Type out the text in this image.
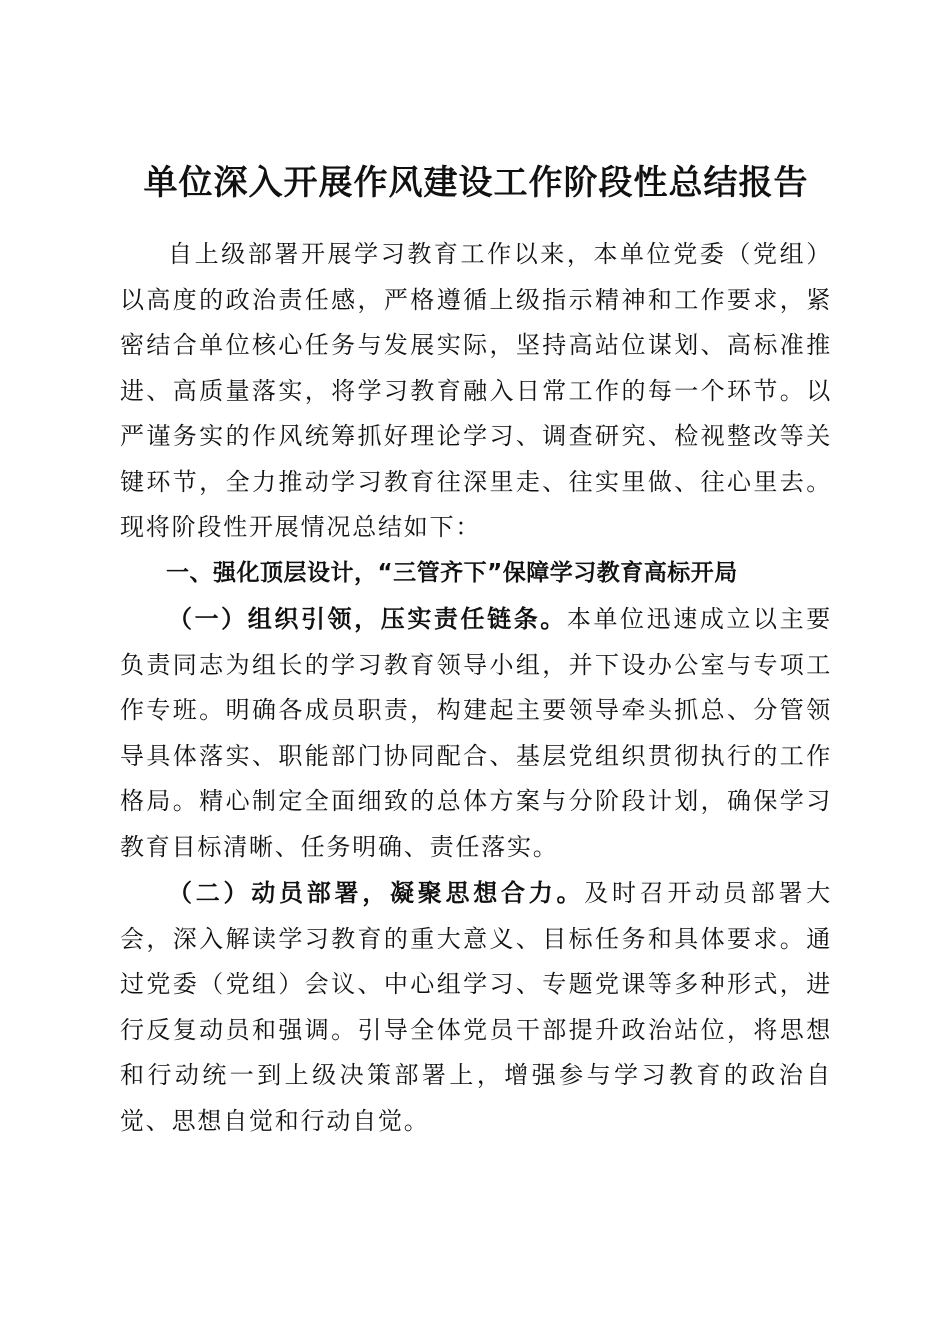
单位深入开展作风建设工作阶段性总结报告

自上级部署开展学习教育工作以来，本单位党委（党组）以高度的政治责任感，严格遵循上级指示精神和工作要求，紧密结合单位核心任务与发展实际，坚持高站位谋划、高标准推进、高质量落实，将学习教育融入日常工作的每一个环节。以严谨务实的作风统筹抓好理论学习、调查研究、检视整改等关键环节，全力推动学习教育往深里走、往实里做、往心里去。现将阶段性开展情况总结如下：

一、强化顶层设计，“三管齐下”保障学习教育高标开局

（一）组织引领，压实责任链条。本单位迅速成立以主要负责同志为组长的学习教育领导小组，并下设办公室与专项工作专班。明确各成员职责，构建起主要领导牵头抓总、分管领导具体落实、职能部门协同配合、基层党组织贯彻执行的工作格局。精心制定全面细致的总体方案与分阶段计划，确保学习教育目标清晰、任务明确、责任落实。

（二）动员部署，凝聚思想合力。及时召开动员部署大会，深入解读学习教育的重大意义、目标任务和具体要求。通过党委（党组）会议、中心组学习、专题党课等多种形式，进行反复动员和强调。引导全体党员干部提升政治站位，将思想和行动统一到上级决策部署上，增强参与学习教育的政治自觉、思想自觉和行动自觉。
